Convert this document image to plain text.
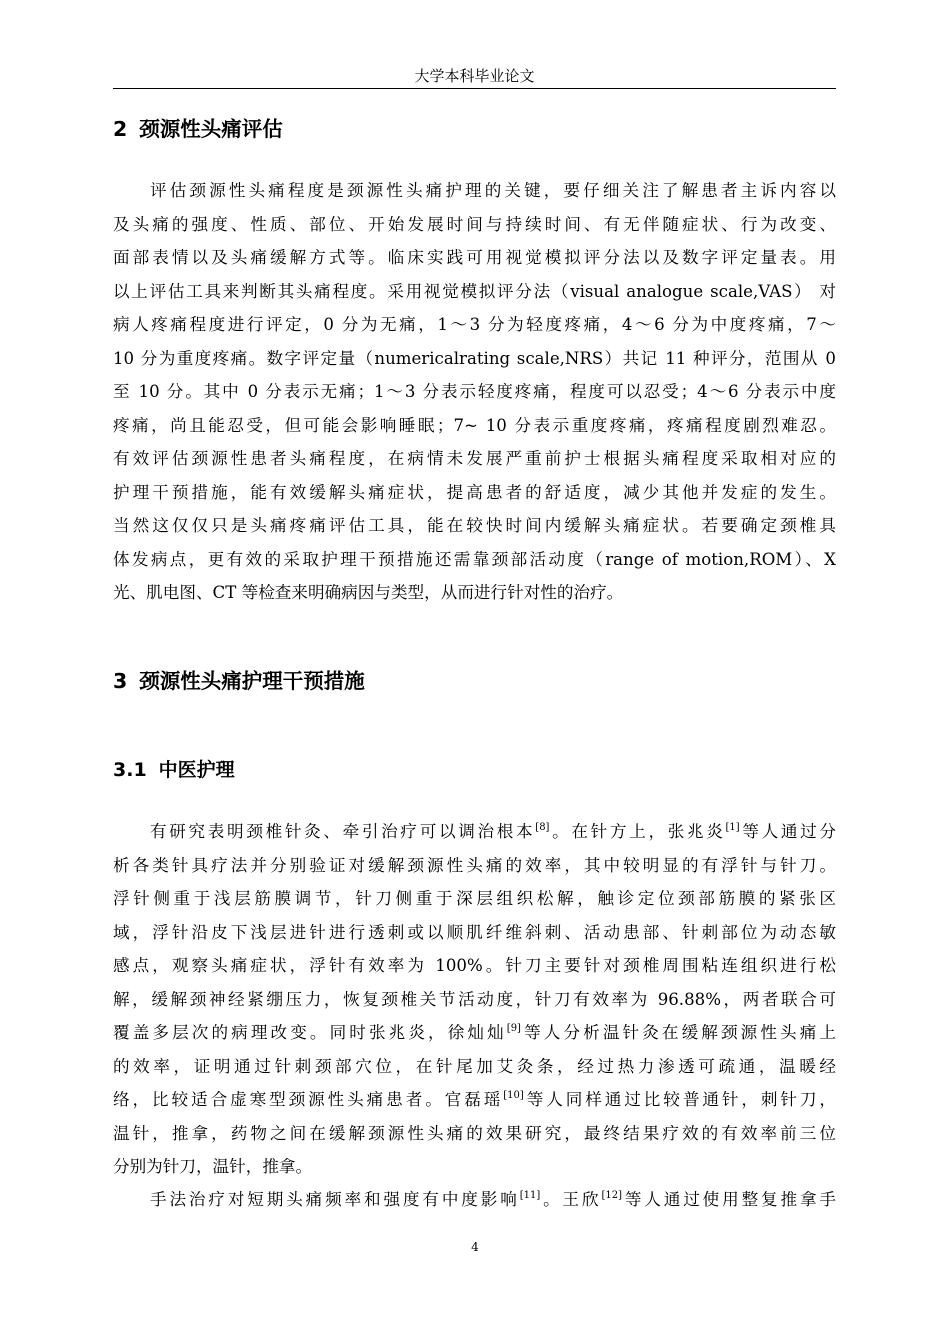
大学本科毕业论文
2 颈源性头痛评估
评估颈源性头痛程度是颈源性头痛护理的关键，要仔细关注了解患者主诉内容以
及头痛的强度、性质、部位、开始发展时间与持续时间、有无伴随症状、行为改变、
面部表情以及头痛缓解方式等。临床实践可用视觉模拟评分法以及数字评定量表。用
以上评估工具来判断其头痛程度。采用视觉模拟评分法（visual analogue scale,VAS） 对
病人疼痛程度进行评定，0 分为无痛，1～3 分为轻度疼痛，4～6 分为中度疼痛，7～
10 分为重度疼痛。数字评定量（numericalrating scale,NRS）共记 11 种评分，范围从 0
至 10 分。其中 0 分表示无痛；1～3 分表示轻度疼痛，程度可以忍受；4～6 分表示中度
疼痛，尚且能忍受，但可能会影响睡眠；7~ 10 分表示重度疼痛，疼痛程度剧烈难忍。
有效评估颈源性患者头痛程度，在病情未发展严重前护士根据头痛程度采取相对应的
护理干预措施，能有效缓解头痛症状，提高患者的舒适度，减少其他并发症的发生。
当然这仅仅只是头痛疼痛评估工具，能在较快时间内缓解头痛症状。若要确定颈椎具
体发病点，更有效的采取护理干预措施还需靠颈部活动度（range of motion,ROM）、X
光、肌电图、CT 等检查来明确病因与类型，从而进行针对性的治疗。
3 颈源性头痛护理干预措施
3.1 中医护理
有研究表明颈椎针灸、牵引治疗可以调治根本[8]。在针方上，张兆炎[1]等人通过分
析各类针具疗法并分别验证对缓解颈源性头痛的效率，其中较明显的有浮针与针刀。
浮针侧重于浅层筋膜调节，针刀侧重于深层组织松解，触诊定位颈部筋膜的紧张区
域，浮针沿皮下浅层进针进行透刺或以顺肌纤维斜刺、活动患部、针刺部位为动态敏
感点，观察头痛症状，浮针有效率为 100%。针刀主要针对颈椎周围粘连组织进行松
解，缓解颈神经紧绷压力，恢复颈椎关节活动度，针刀有效率为 96.88%，两者联合可
覆盖多层次的病理改变。同时张兆炎，徐灿灿[9]等人分析温针灸在缓解颈源性头痛上
的效率，证明通过针刺颈部穴位，在针尾加艾灸条，经过热力渗透可疏通，温暖经
络，比较适合虚寒型颈源性头痛患者。官磊瑶[10]等人同样通过比较普通针，刺针刀，
温针，推拿，药物之间在缓解颈源性头痛的效果研究，最终结果疗效的有效率前三位
分别为针刀，温针，推拿。
手法治疗对短期头痛频率和强度有中度影响[11]。王欣[12]等人通过使用整复推拿手
4
